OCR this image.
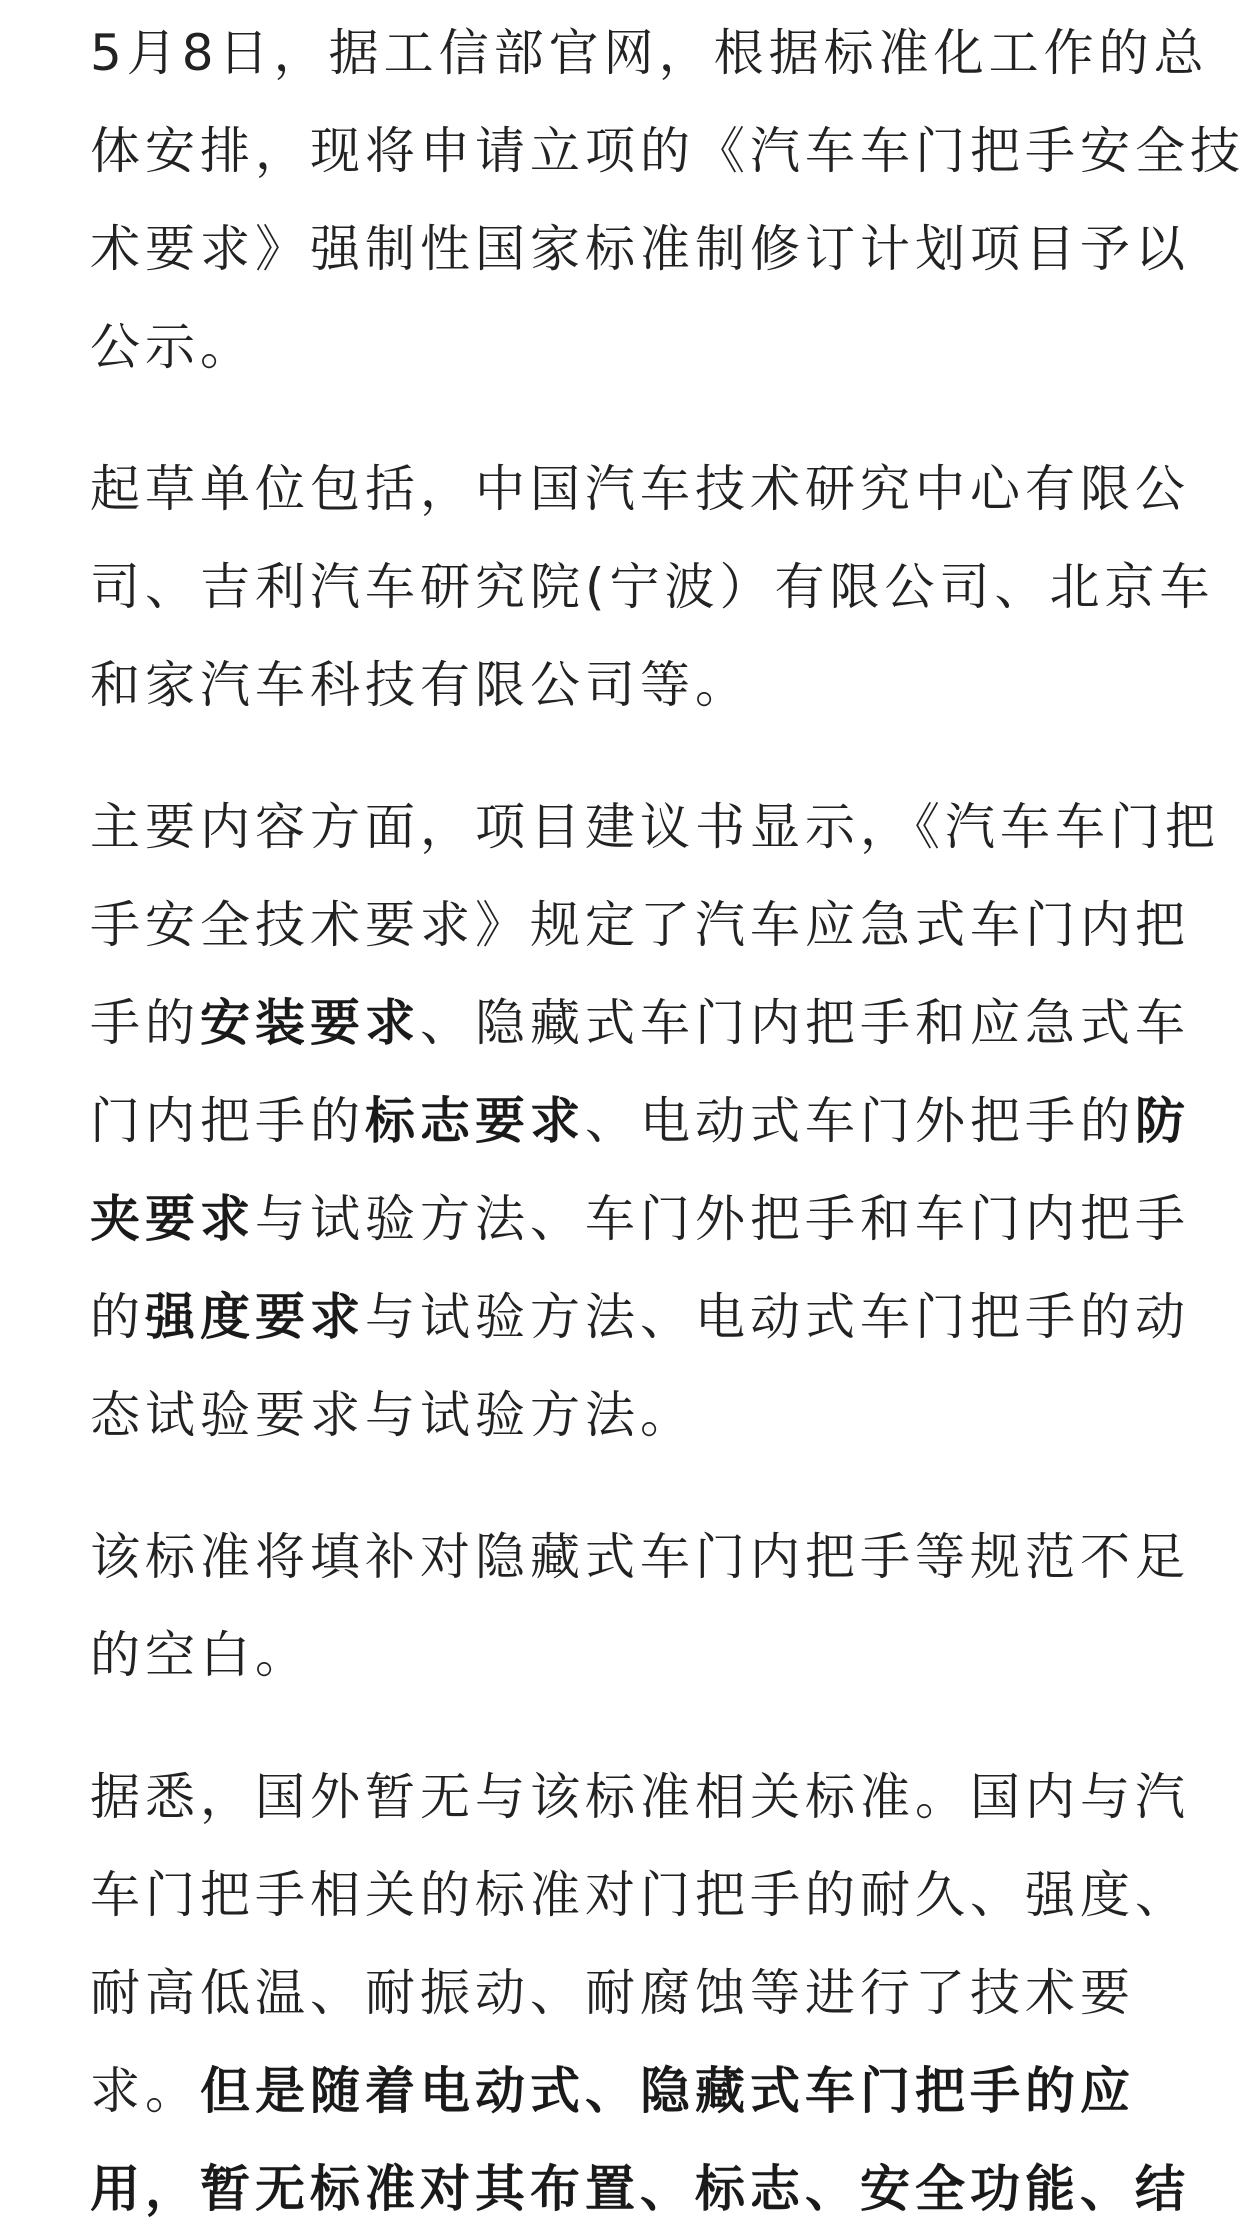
5月8日，据工信部官网，根据标准化工作的总
体安排，现将申请立项的《汽车车门把手安全技
术要求》强制性国家标准制修订计划项目予以
公示。

起草单位包括，中国汽车技术研究中心有限公
司、吉利汽车研究院(宁波）有限公司、北京车
和家汽车科技有限公司等。

主要内容方面，项目建议书显示，《汽车车门把
手安全技术要求》规定了汽车应急式车门内把
手的安装要求、隐藏式车门内把手和应急式车
门内把手的标志要求、电动式车门外把手的防
夹要求与试验方法、车门外把手和车门内把手
的强度要求与试验方法、电动式车门把手的动
态试验要求与试验方法。

该标准将填补对隐藏式车门内把手等规范不足
的空白。

据悉，国外暂无与该标准相关标准。国内与汽
车门把手相关的标准对门把手的耐久、强度、
耐高低温、耐振动、耐腐蚀等进行了技术要
求。但是随着电动式、隐藏式车门把手的应
用，暂无标准对其布置、标志、安全功能、结
